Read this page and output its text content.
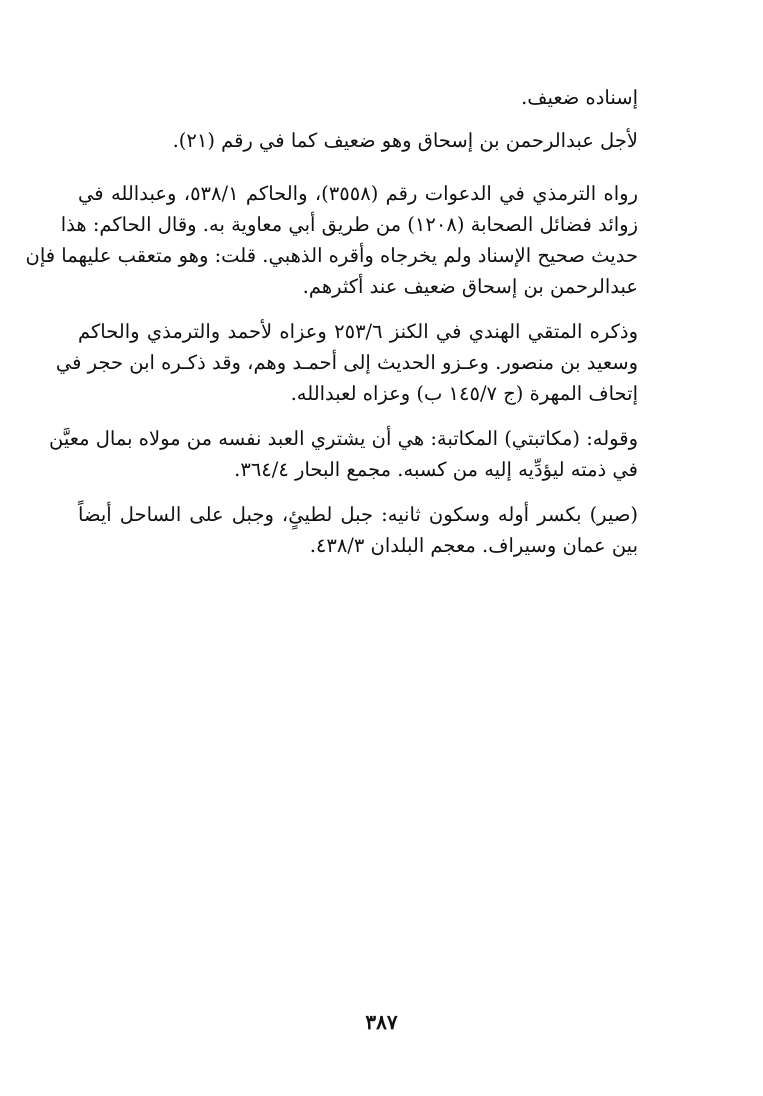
إسناده ضعيف.
لأجل عبدالرحمن بن إسحاق وهو ضعيف كما في رقم (٢١).
رواه الترمذي في الدعوات رقم (٣٥٥٨)، والحاكم ٥٣٨/١، وعبدالله في
زوائد فضائل الصحابة (١٢٠٨) من طريق أبي معاوية به. وقال الحاكم: هذا
حديث صحيح الإسناد ولم يخرجاه وأقره الذهبي. قلت: وهو متعقب عليهما فإن
عبدالرحمن بن إسحاق ضعيف عند أكثرهم.
وذكره المتقي الهندي في الكنز ٢٥٣/٦ وعزاه لأحمد والترمذي والحاكم
وسعيد بن منصور. وعـزو الحديث إلى أحمـد وهم، وقد ذكـره ابن حجر في
إتحاف المهرة (ج ١٤٥/٧ ب) وعزاه لعبدالله.
وقوله: (مكاتبتي) المكاتبة: هي أن يشتري العبد نفسه من مولاه بمال معيَّن
في ذمته ليؤدِّيه إليه من كسبه. مجمع البحار ٣٦٤/٤.
(صير) بكسر أوله وسكون ثانيه: جبل لطيئٍ، وجبل على الساحل أيضاً
بين عمان وسيراف. معجم البلدان ٤٣٨/٣.
٣٨٧
